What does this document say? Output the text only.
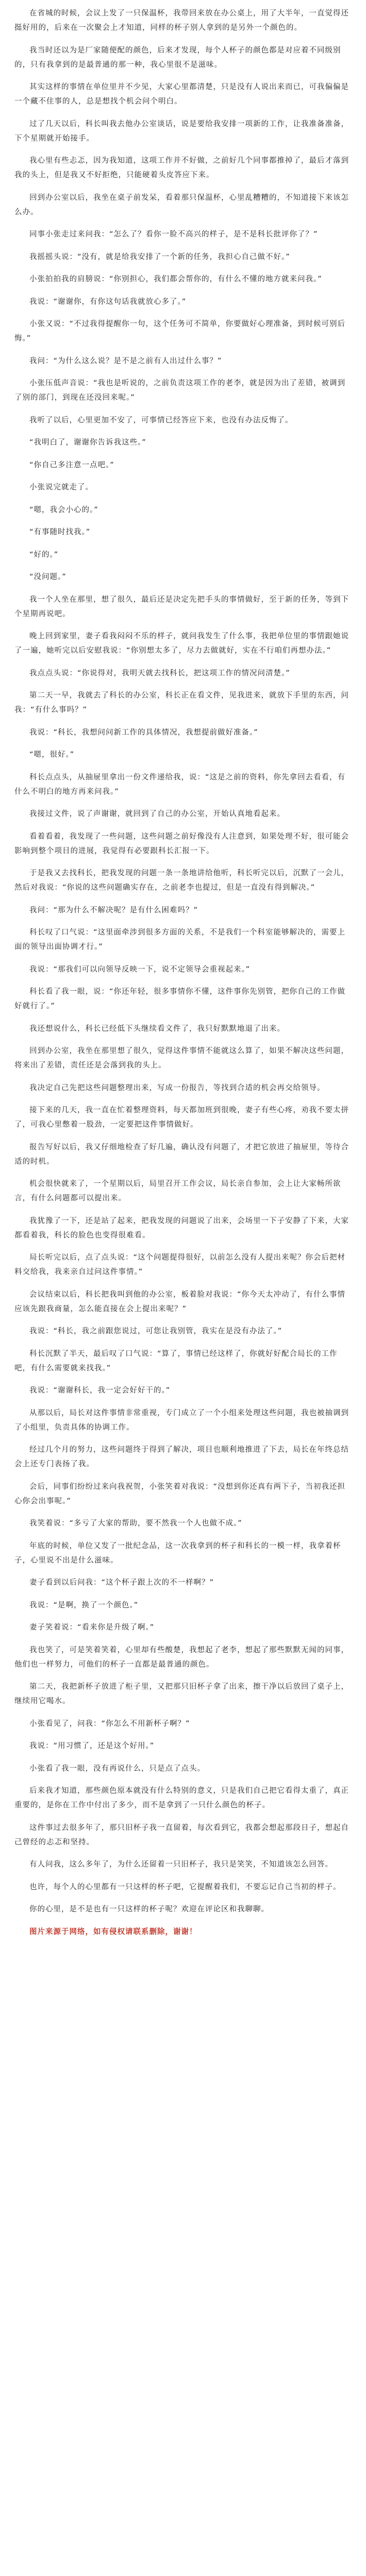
在省城的时候，会议上发了一只保温杯，我带回来放在办公桌上，用了大半年，一直觉得还挺好用的，后来在一次聚会上才知道，同样的杯子别人拿到的是另外一个颜色的。

我当时还以为是厂家随便配的颜色，后来才发现，每个人杯子的颜色都是对应着不同级别的，只有我拿到的是最普通的那一种，我心里很不是滋味。

其实这样的事情在单位里并不少见，大家心里都清楚，只是没有人说出来而已，可我偏偏是一个藏不住事的人，总是想找个机会问个明白。

过了几天以后，科长叫我去他办公室谈话，说是要给我安排一项新的工作，让我准备准备，下个星期就开始接手。

我心里有些忐忑，因为我知道，这项工作并不好做，之前好几个同事都推掉了，最后才落到我的头上，但是我又不好拒绝，只能硬着头皮答应下来。

回到办公室以后，我坐在桌子前发呆，看着那只保温杯，心里乱糟糟的，不知道接下来该怎么办。

同事小张走过来问我：“怎么了？看你一脸不高兴的样子，是不是科长批评你了？”

我摇摇头说：“没有，就是给我安排了一个新的任务，我担心自己做不好。”

小张拍拍我的肩膀说：“你别担心，我们都会帮你的，有什么不懂的地方就来问我。”

我说：“谢谢你，有你这句话我就放心多了。”

小张又说：“不过我得提醒你一句，这个任务可不简单，你要做好心理准备，到时候可别后悔。”

我问：“为什么这么说？是不是之前有人出过什么事？”

小张压低声音说：“我也是听说的，之前负责这项工作的老李，就是因为出了差错，被调到了别的部门，到现在还没回来呢。”

我听了以后，心里更加不安了，可事情已经答应下来，也没有办法反悔了。

“我明白了，谢谢你告诉我这些。”

“你自己多注意一点吧。”

小张说完就走了。

“嗯，我会小心的。”

“有事随时找我。”

“好的。”

“没问题。”

我一个人坐在那里，想了很久，最后还是决定先把手头的事情做好，至于新的任务，等到下个星期再说吧。

晚上回到家里，妻子看我闷闷不乐的样子，就问我发生了什么事，我把单位里的事情跟她说了一遍，她听完以后安慰我说：“你别想太多了，尽力去做就好，实在不行咱们再想办法。”

我点点头说：“你说得对，我明天就去找科长，把这项工作的情况问清楚。”

第二天一早，我就去了科长的办公室，科长正在看文件，见我进来，就放下手里的东西，问我：“有什么事吗？”

我说：“科长，我想问问新工作的具体情况，我想提前做好准备。”

“嗯，很好。”

科长点点头，从抽屉里拿出一份文件递给我，说：“这是之前的资料，你先拿回去看看，有什么不明白的地方再来问我。”

我接过文件，说了声谢谢，就回到了自己的办公室，开始认真地看起来。

看着看着，我发现了一些问题，这些问题之前好像没有人注意到，如果处理不好，很可能会影响到整个项目的进展，我觉得有必要跟科长汇报一下。

于是我又去找科长，把我发现的问题一条一条地讲给他听，科长听完以后，沉默了一会儿，然后对我说：“你说的这些问题确实存在，之前老李也提过，但是一直没有得到解决。”

我问：“那为什么不解决呢？是有什么困难吗？”

科长叹了口气说：“这里面牵涉到很多方面的关系，不是我们一个科室能够解决的，需要上面的领导出面协调才行。”

我说：“那我们可以向领导反映一下，说不定领导会重视起来。”

科长看了我一眼，说：“你还年轻，很多事情你不懂，这件事你先别管，把你自己的工作做好就行了。”

我还想说什么，科长已经低下头继续看文件了，我只好默默地退了出来。

回到办公室，我坐在那里想了很久，觉得这件事情不能就这么算了，如果不解决这些问题，将来出了差错，责任还是会落到我的头上。

我决定自己先把这些问题整理出来，写成一份报告，等找到合适的机会再交给领导。

接下来的几天，我一直在忙着整理资料，每天都加班到很晚，妻子有些心疼，劝我不要太拼了，可我心里憋着一股劲，一定要把这件事情做好。

报告写好以后，我又仔细地检查了好几遍，确认没有问题了，才把它放进了抽屉里，等待合适的时机。

机会很快就来了，一个星期以后，局里召开工作会议，局长亲自参加，会上让大家畅所欲言，有什么问题都可以提出来。

我犹豫了一下，还是站了起来，把我发现的问题说了出来，会场里一下子安静了下来，大家都看着我，科长的脸色也变得很难看。

局长听完以后，点了点头说：“这个问题提得很好，以前怎么没有人提出来呢？你会后把材料交给我，我来亲自过问这件事情。”

会议结束以后，科长把我叫到他的办公室，板着脸对我说：“你今天太冲动了，有什么事情应该先跟我商量，怎么能直接在会上提出来呢？”

我说：“科长，我之前跟您说过，可您让我别管，我实在是没有办法了。”

科长沉默了半天，最后叹了口气说：“算了，事情已经这样了，你就好好配合局长的工作吧，有什么需要就来找我。”

我说：“谢谢科长，我一定会好好干的。”

从那以后，局长对这件事情非常重视，专门成立了一个小组来处理这些问题，我也被抽调到了小组里，负责具体的协调工作。

经过几个月的努力，这些问题终于得到了解决，项目也顺利地推进了下去，局长在年终总结会上还专门表扬了我。

会后，同事们纷纷过来向我祝贺，小张笑着对我说：“没想到你还真有两下子，当初我还担心你会出事呢。”

我笑着说：“多亏了大家的帮助，要不然我一个人也做不成。”

年底的时候，单位又发了一批纪念品，这一次我拿到的杯子和科长的一模一样，我拿着杯子，心里说不出是什么滋味。

妻子看到以后问我：“这个杯子跟上次的不一样啊？”

我说：“是啊，换了一个颜色。”

妻子笑着说：“看来你是升级了啊。”

我也笑了，可是笑着笑着，心里却有些酸楚，我想起了老李，想起了那些默默无闻的同事，他们也一样努力，可他们的杯子一直都是最普通的颜色。

第二天，我把新杯子放进了柜子里，又把那只旧杯子拿了出来，擦干净以后放回了桌子上，继续用它喝水。

小张看见了，问我：“你怎么不用新杯子啊？”

我说：“用习惯了，还是这个好用。”

小张看了我一眼，没有再说什么，只是点了点头。

后来我才知道，那些颜色原本就没有什么特别的意义，只是我们自己把它看得太重了，真正重要的，是你在工作中付出了多少，而不是拿到了一只什么颜色的杯子。

这件事过去很多年了，那只旧杯子我一直留着，每次看到它，我都会想起那段日子，想起自己曾经的忐忑和坚持。

有人问我，这么多年了，为什么还留着一只旧杯子，我只是笑笑，不知道该怎么回答。

也许，每个人的心里都有一只这样的杯子吧，它提醒着我们，不要忘记自己当初的样子。

你的心里，是不是也有一只这样的杯子呢？欢迎在评论区和我聊聊。

图片来源于网络，如有侵权请联系删除，谢谢！
